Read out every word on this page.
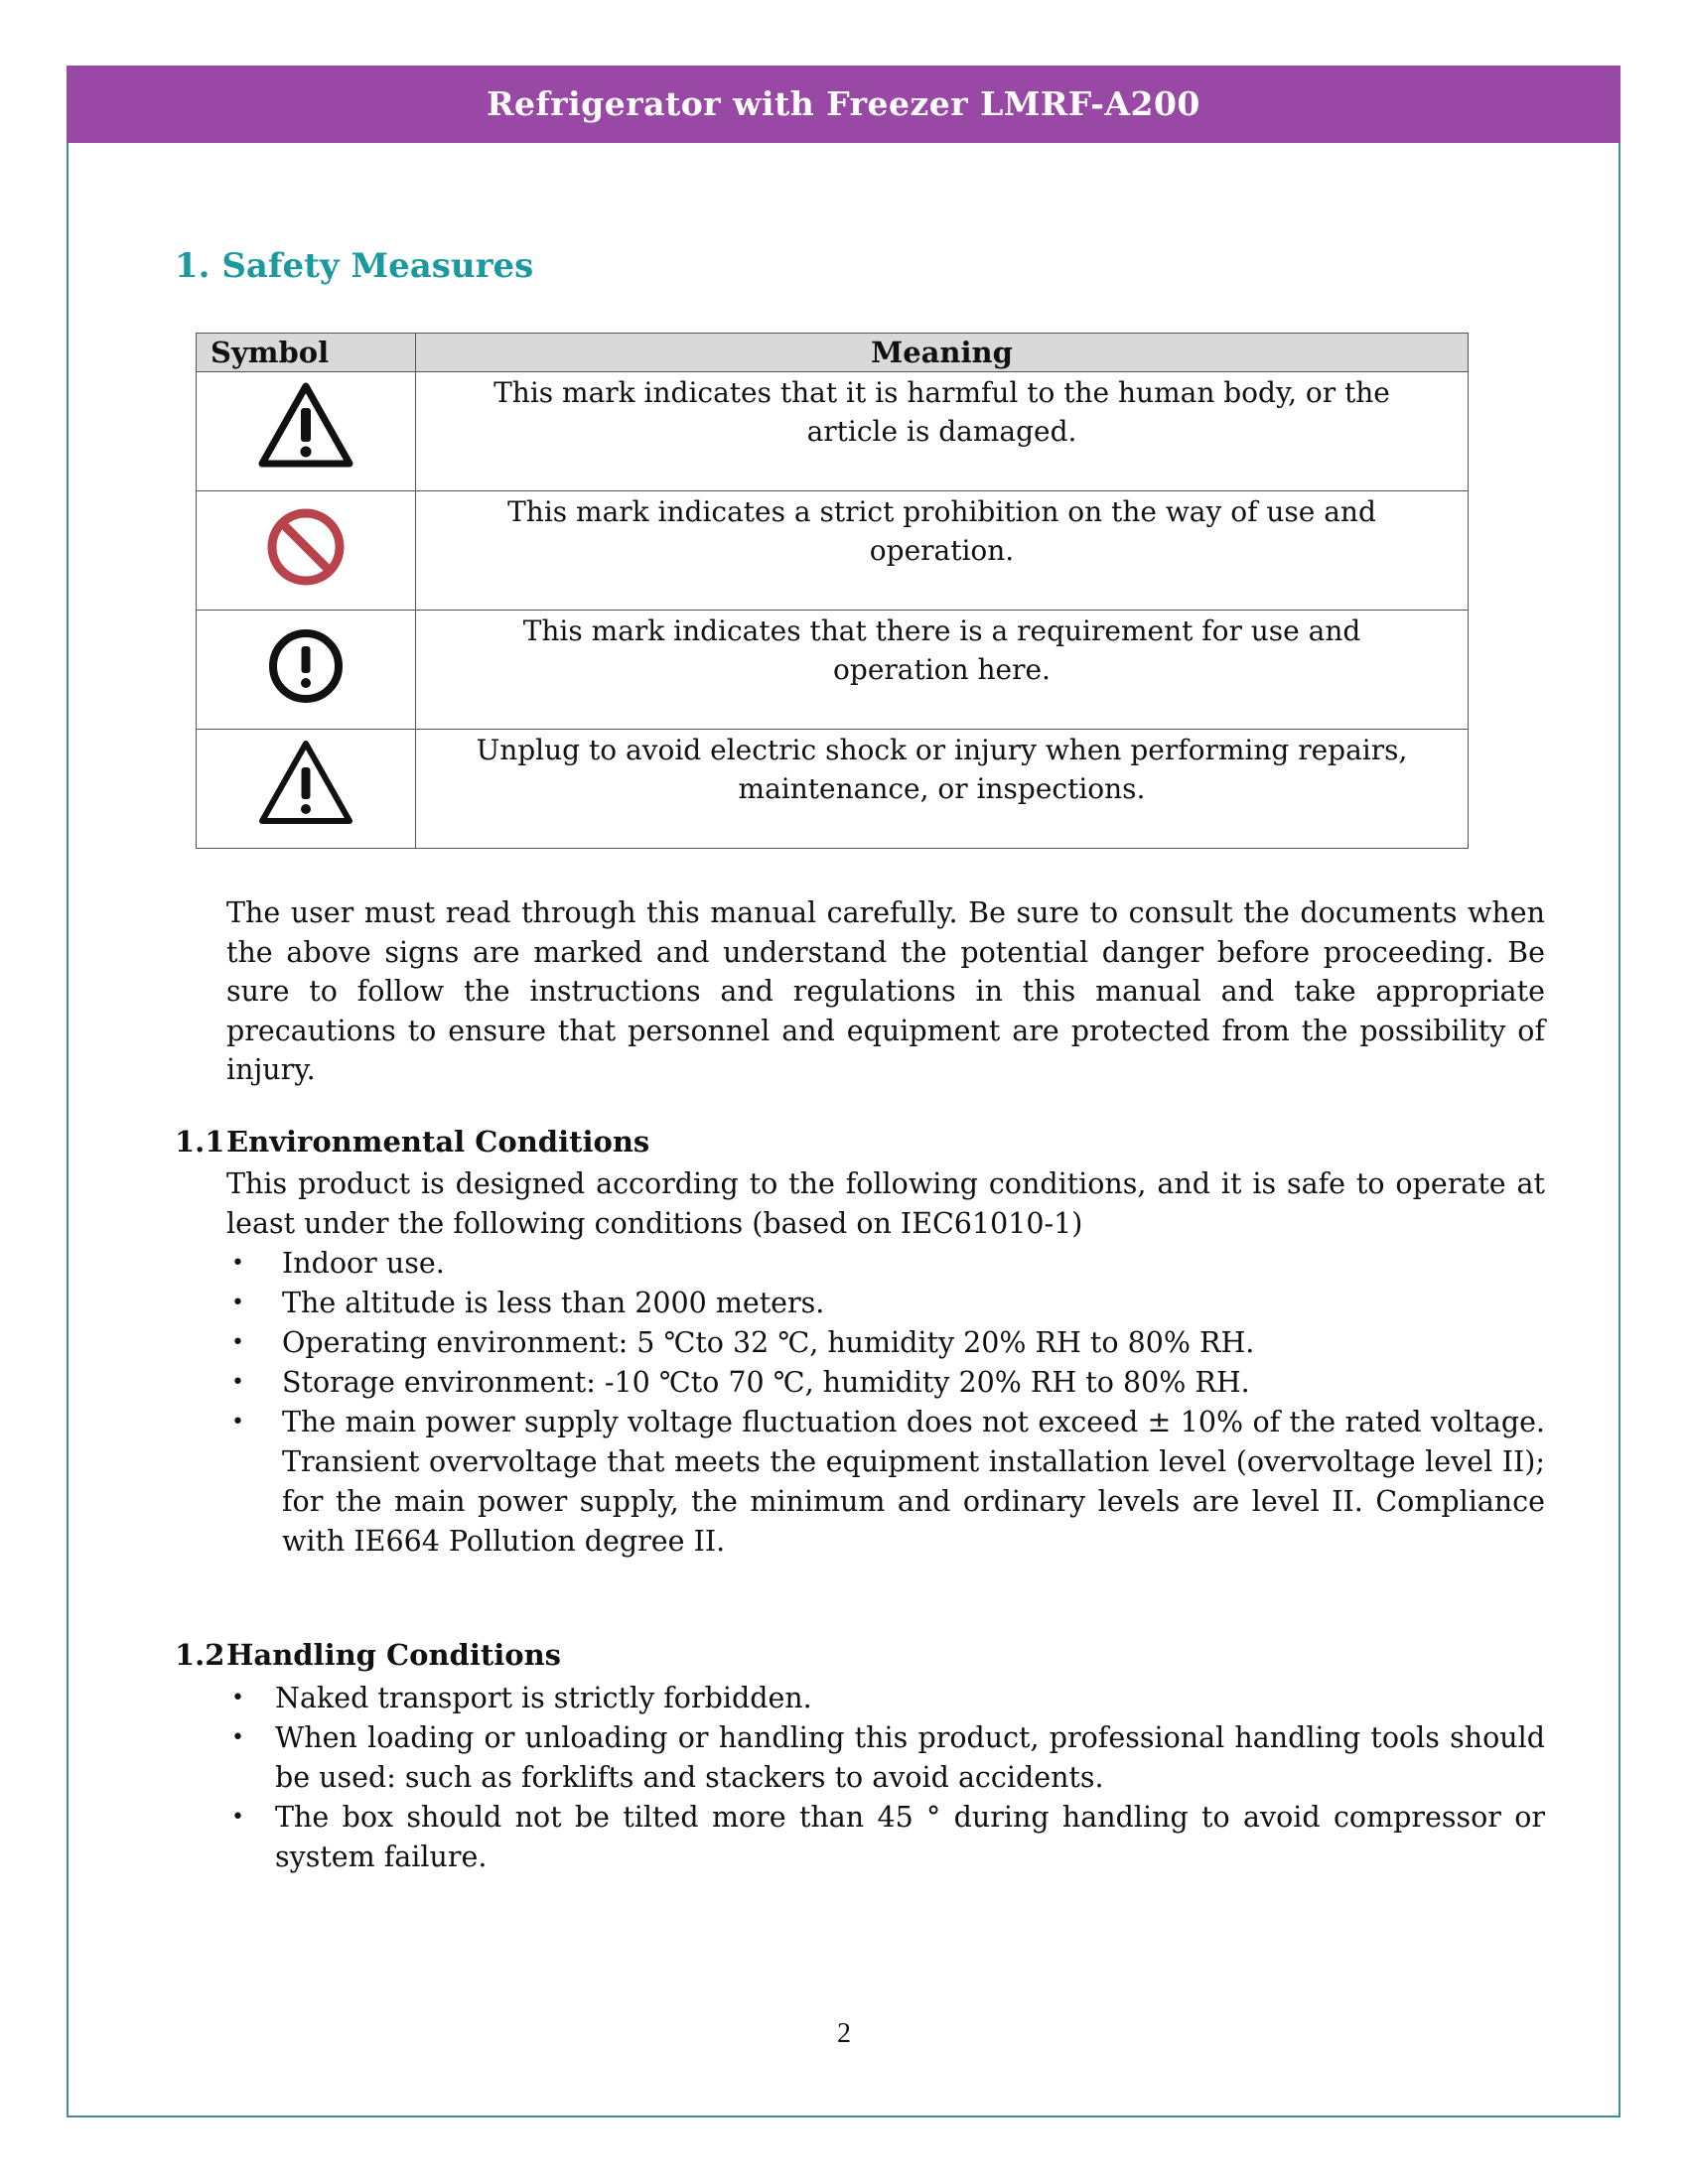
Refrigerator with Freezer LMRF-A200
1. Safety Measures
Symbol	Meaning
	This mark indicates that it is harmful to the human body, or the article is damaged.
	This mark indicates a strict prohibition on the way of use and operation.
	This mark indicates that there is a requirement for use and operation here.
	Unplug to avoid electric shock or injury when performing repairs, maintenance, or inspections.
The user must read through this manual carefully. Be sure to consult the documents when the above signs are marked and understand the potential danger before proceeding. Be sure to follow the instructions and regulations in this manual and take appropriate precautions to ensure that personnel and equipment are protected from the possibility of injury.
1.1Environmental Conditions
This product is designed according to the following conditions, and it is safe to operate at least under the following conditions (based on IEC61010-1)
• Indoor use.
• The altitude is less than 2000 meters.
• Operating environment: 5 ℃to 32 ℃, humidity 20% RH to 80% RH.
• Storage environment: -10 ℃to 70 ℃, humidity 20% RH to 80% RH.
• The main power supply voltage fluctuation does not exceed ± 10% of the rated voltage. Transient overvoltage that meets the equipment installation level (overvoltage level II); for the main power supply, the minimum and ordinary levels are level II. Compliance with IE664 Pollution degree II.
1.2Handling Conditions
• Naked transport is strictly forbidden.
• When loading or unloading or handling this product, professional handling tools should be used: such as forklifts and stackers to avoid accidents.
• The box should not be tilted more than 45 ° during handling to avoid compressor or system failure.
2
